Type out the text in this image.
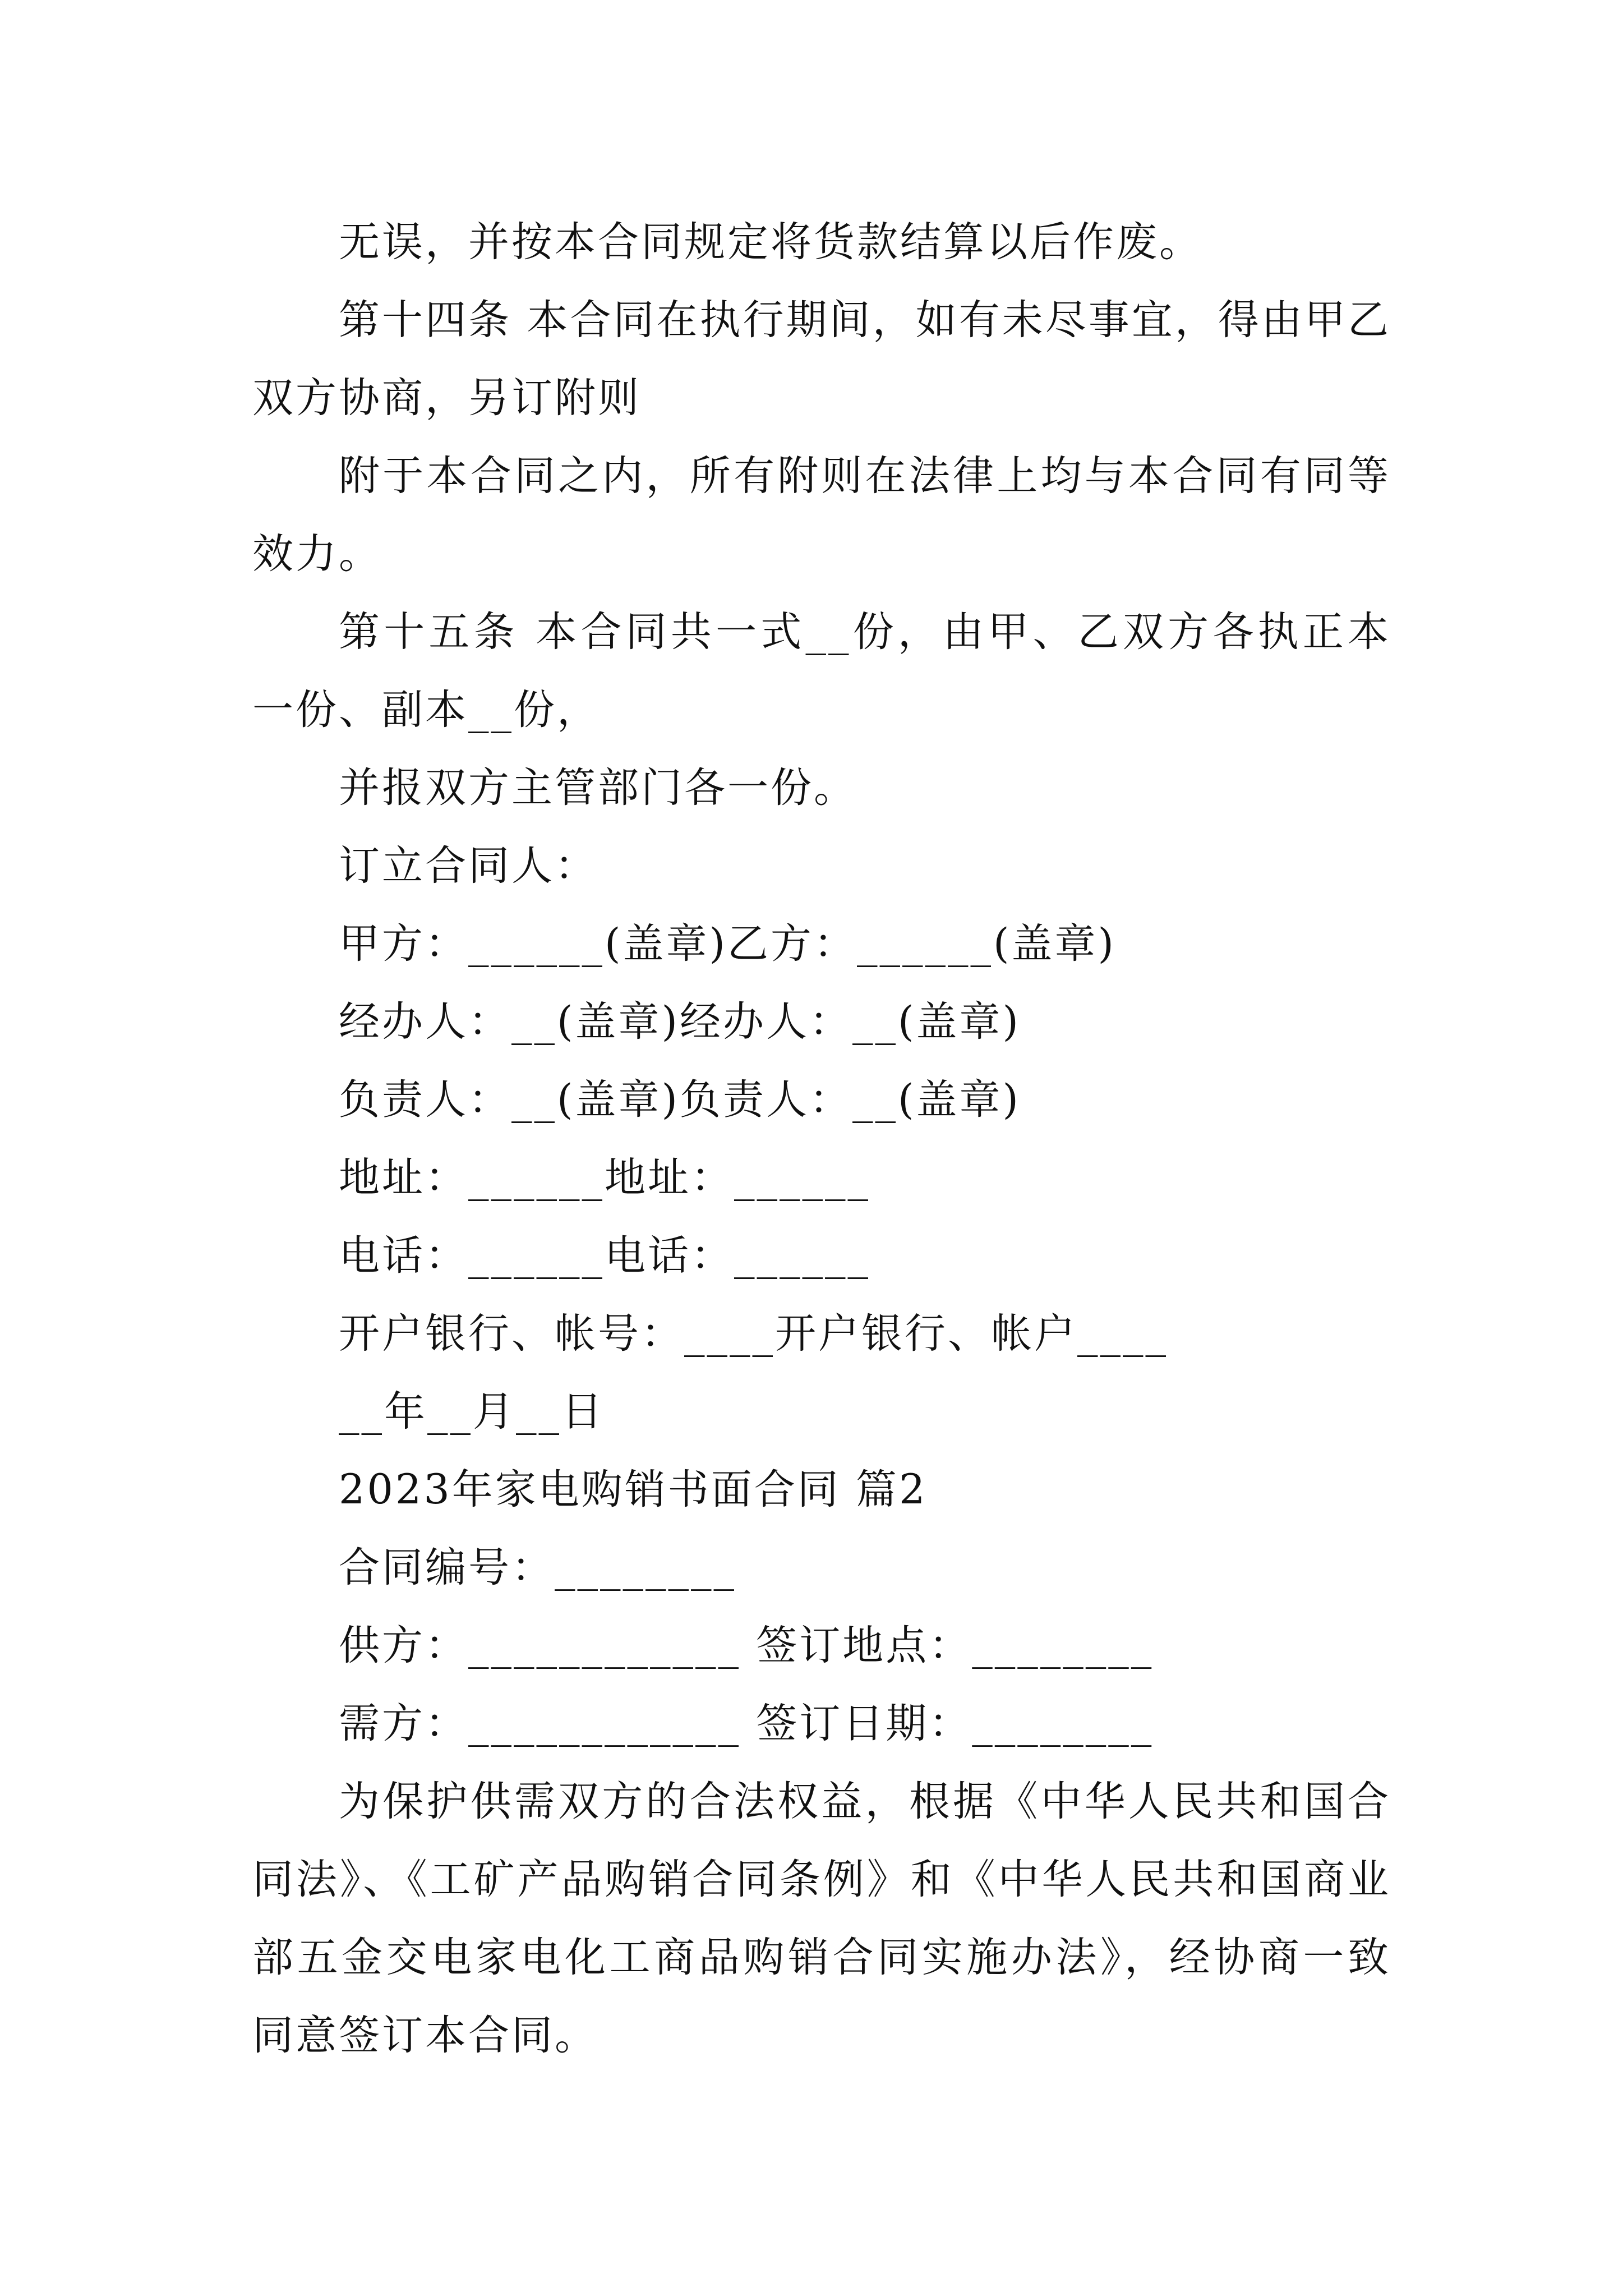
无误，并按本合同规定将货款结算以后作废。

第十四条 本合同在执行期间，如有未尽事宜，得由甲乙双方协商，另订附则

附于本合同之内，所有附则在法律上均与本合同有同等效力。

第十五条 本合同共一式__份，由甲、乙双方各执正本一份、副本__份，

并报双方主管部门各一份。

订立合同人：

甲方：______(盖章)乙方：______(盖章)

经办人：__(盖章)经办人：__(盖章)

负责人：__(盖章)负责人：__(盖章)

地址：______地址：______

电话：______电话：______

开户银行、帐号：____开户银行、帐户____

__年__月__日

2023年家电购销书面合同 篇2

合同编号：________

供方：____________ 签订地点：________

需方：____________ 签订日期：________

为保护供需双方的合法权益，根据《中华人民共和国合同法》、《工矿产品购销合同条例》和《中华人民共和国商业部五金交电家电化工商品购销合同实施办法》，经协商一致同意签订本合同。
